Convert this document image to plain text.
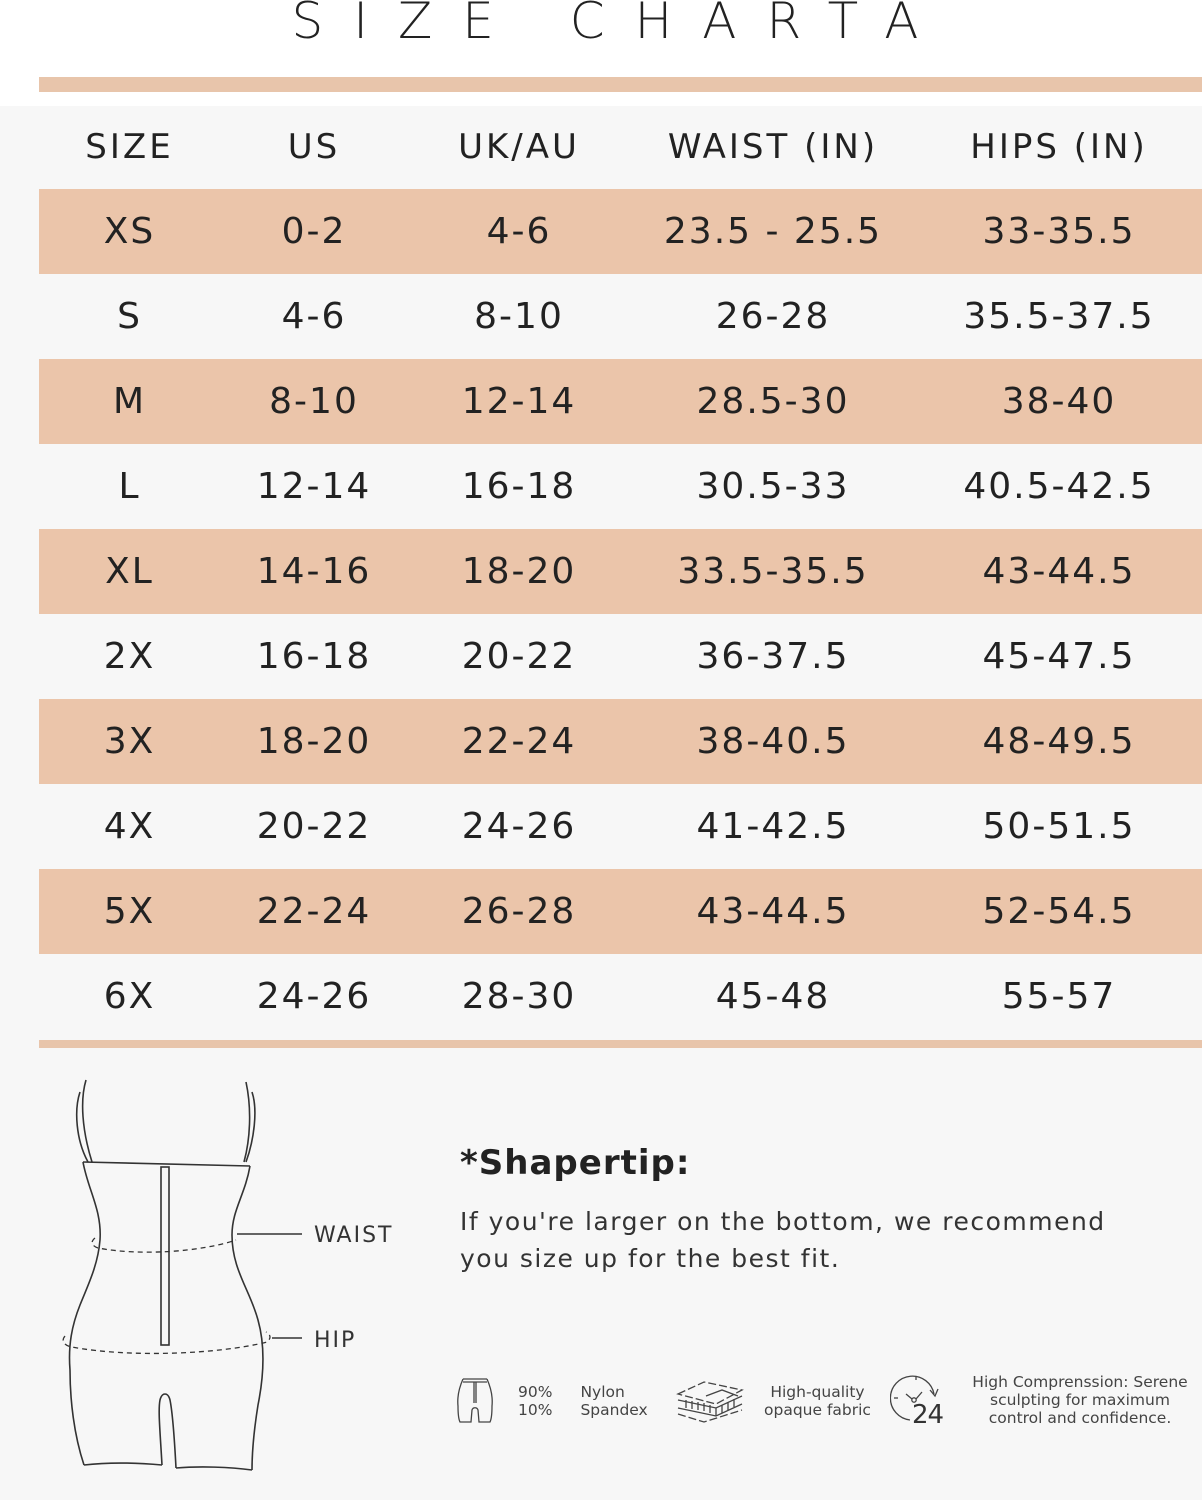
SIZE CHARTA
SIZE	US	UK/AU	WAIST (IN)	HIPS (IN)
XS	0-2	4-6	23.5 - 25.5	33-35.5
S	4-6	8-10	26-28	35.5-37.5
M	8-10	12-14	28.5-30	38-40
L	12-14	16-18	30.5-33	40.5-42.5
XL	14-16	18-20	33.5-35.5	43-44.5
2X	16-18	20-22	36-37.5	45-47.5
3X	18-20	22-24	38-40.5	48-49.5
4X	20-22	24-26	41-42.5	50-51.5
5X	22-24	26-28	43-44.5	52-54.5
6X	24-26	28-30	45-48	55-57
WAIST
HIP
*Shapertip:
If you're larger on the bottom, we recommend you size up for the best fit.
90%
10%
Nylon
Spandex
High-quality
opaque fabric 24
High Comprenssion: Serene
sculpting for maximum
control and confidence.
